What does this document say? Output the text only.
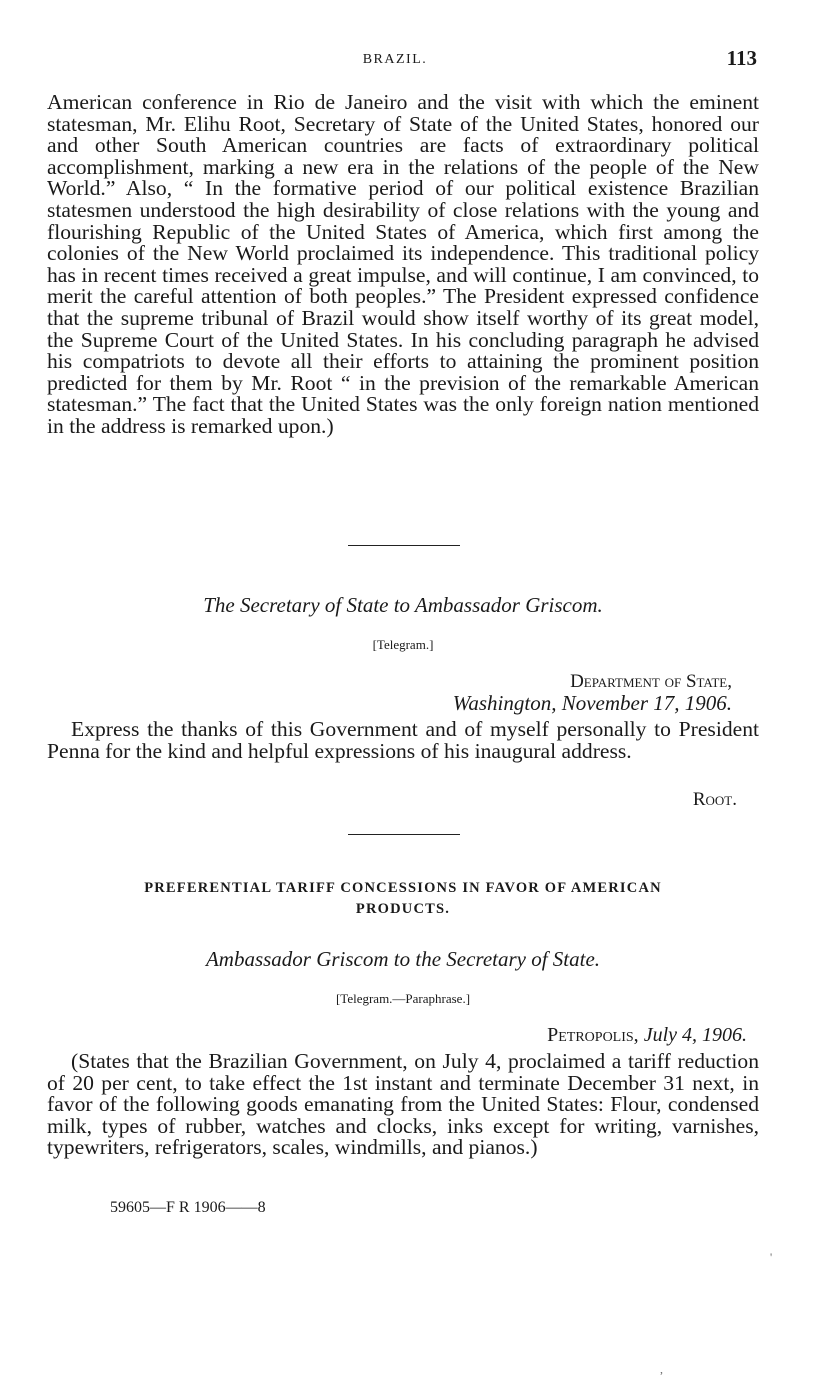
BRAZIL.	113

American conference in Rio de Janeiro and the visit with which the eminent statesman, Mr. Elihu Root, Secretary of State of the United States, honored our and other South American countries are facts of extraordinary political accomplishment, marking a new era in the relations of the people of the New World.” Also, “ In the formative period of our political existence Brazilian statesmen understood the high desirability of close relations with the young and flourishing Republic of the United States of America, which first among the colonies of the New World proclaimed its independence. This traditional policy has in recent times received a great impulse, and will continue, I am convinced, to merit the careful attention of both peoples.” The President expressed confidence that the supreme tribunal of Brazil would show itself worthy of its great model, the Supreme Court of the United States. In his concluding paragraph he advised his compatriots to devote all their efforts to attaining the prominent position predicted for them by Mr. Root “ in the prevision of the remarkable American statesman.” The fact that the United States was the only foreign nation mentioned in the address is remarked upon.)

The Secretary of State to Ambassador Griscom.
[Telegram.]
Department of State,
Washington, November 17, 1906.

Express the thanks of this Government and of myself personally to President Penna for the kind and helpful expressions of his inaugural address.

Root.
PREFERENTIAL TARIFF CONCESSIONS IN FAVOR OF AMERICAN
PRODUCTS.
Ambassador Griscom to the Secretary of State.
[Telegram.—Paraphrase.]
Petropolis, July 4, 1906.

(States that the Brazilian Government, on July 4, proclaimed a tariff reduction of 20 per cent, to take effect the 1st instant and terminate December 31 next, in favor of the following goods emanating from the United States: Flour, condensed milk, types of rubber, watches and clocks, inks except for writing, varnishes, typewriters, refrigerators, scales, windmills, and pianos.)

59605—F R 1906——8
'
,
